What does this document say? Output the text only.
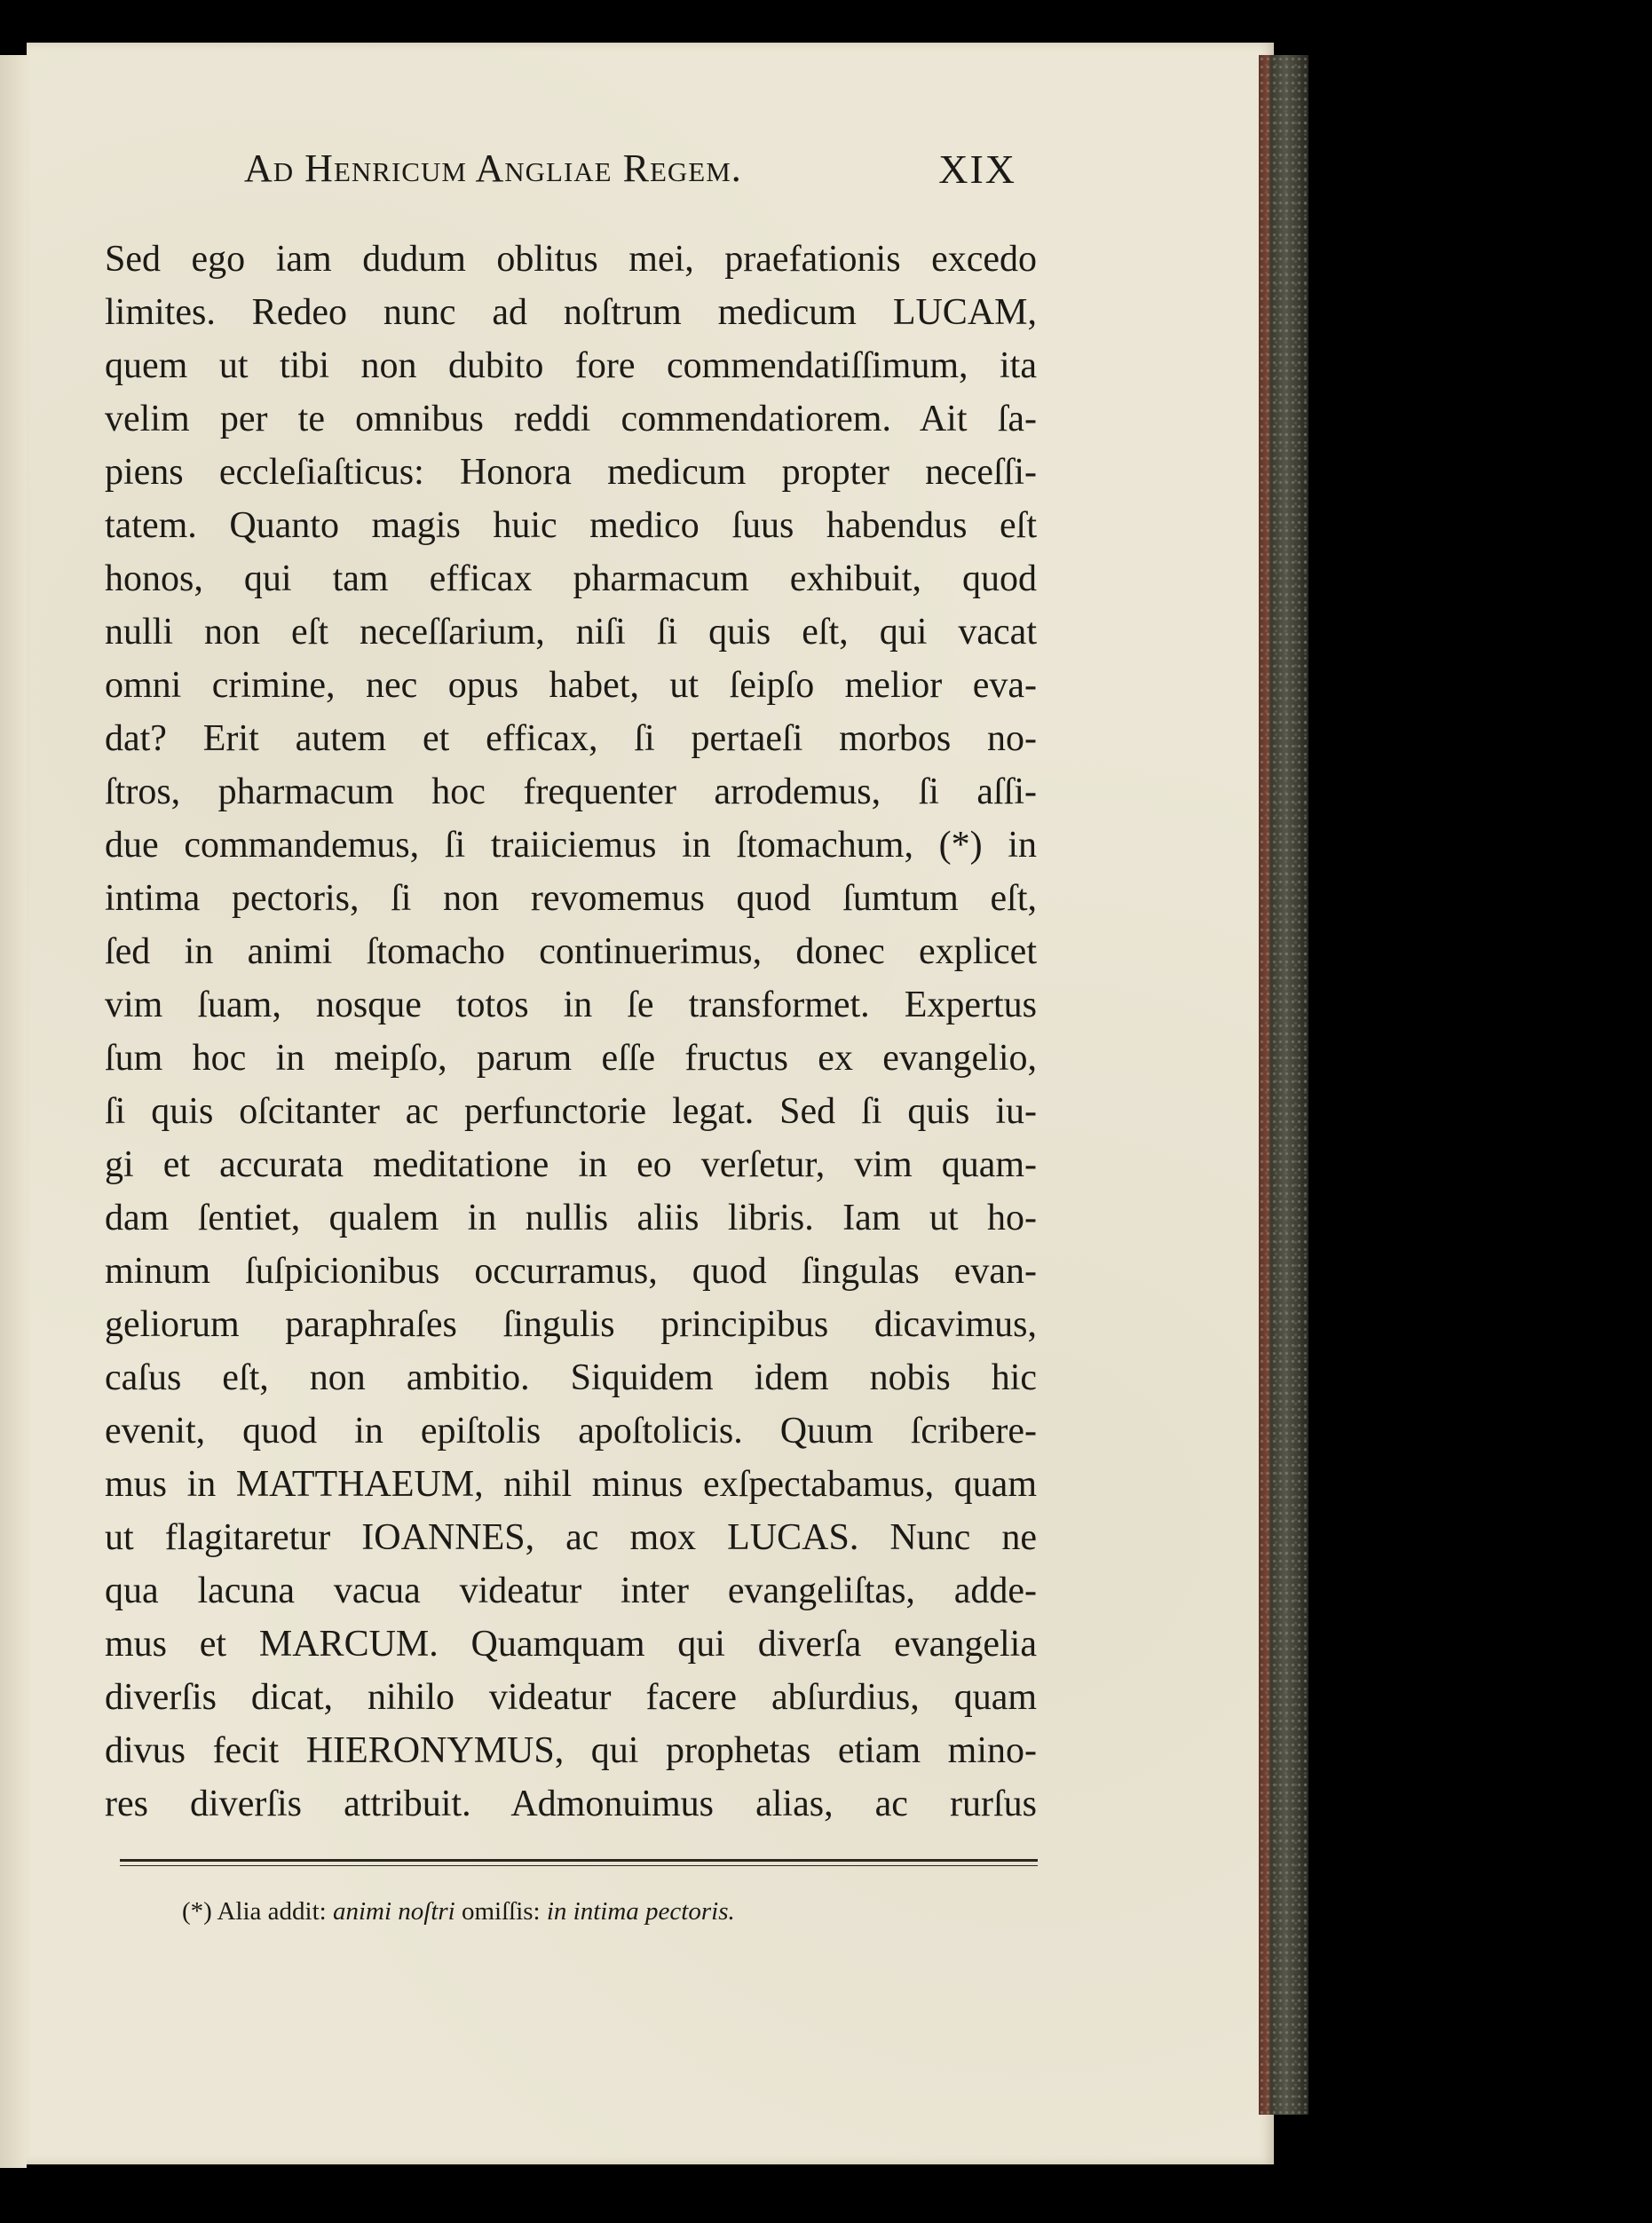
Ad Henricum Angliae Regem.	XIX
Sed ego iam dudum oblitus mei, praefationis excedo
limites. Redeo nunc ad noſtrum medicum LUCAM,
quem ut tibi non dubito fore commendatiſſimum, ita
velim per te omnibus reddi commendatiorem. Ait ſa-
piens eccleſiaſticus: Honora medicum propter neceſſi-
tatem. Quanto magis huic medico ſuus habendus eſt
honos, qui tam efficax pharmacum exhibuit, quod
nulli non eſt neceſſarium, niſi ſi quis eſt, qui vacat
omni crimine, nec opus habet, ut ſeipſo melior eva-
dat? Erit autem et efficax, ſi pertaeſi morbos no-
ſtros, pharmacum hoc frequenter arrodemus, ſi aſſi-
due commandemus, ſi traiiciemus in ſtomachum, (*) in
intima pectoris, ſi non revomemus quod ſumtum eſt,
ſed in animi ſtomacho continuerimus, donec explicet
vim ſuam, nosque totos in ſe transformet. Expertus
ſum hoc in meipſo, parum eſſe fructus ex evangelio,
ſi quis oſcitanter ac perfunctorie legat. Sed ſi quis iu-
gi et accurata meditatione in eo verſetur, vim quam-
dam ſentiet, qualem in nullis aliis libris. Iam ut ho-
minum ſuſpicionibus occurramus, quod ſingulas evan-
geliorum paraphraſes ſingulis principibus dicavimus,
caſus eſt, non ambitio. Siquidem idem nobis hic
evenit, quod in epiſtolis apoſtolicis. Quum ſcribere-
mus in MATTHAEUM, nihil minus exſpectabamus, quam
ut flagitaretur IOANNES, ac mox LUCAS. Nunc ne
qua lacuna vacua videatur inter evangeliſtas, adde-
mus et MARCUM. Quamquam qui diverſa evangelia
diverſis dicat, nihilo videatur facere abſurdius, quam
divus fecit HIERONYMUS, qui prophetas etiam mino-
res diverſis attribuit. Admonuimus alias, ac rurſus
(*) Alia addit: animi noſtri omiſſis: in intima pectoris.
